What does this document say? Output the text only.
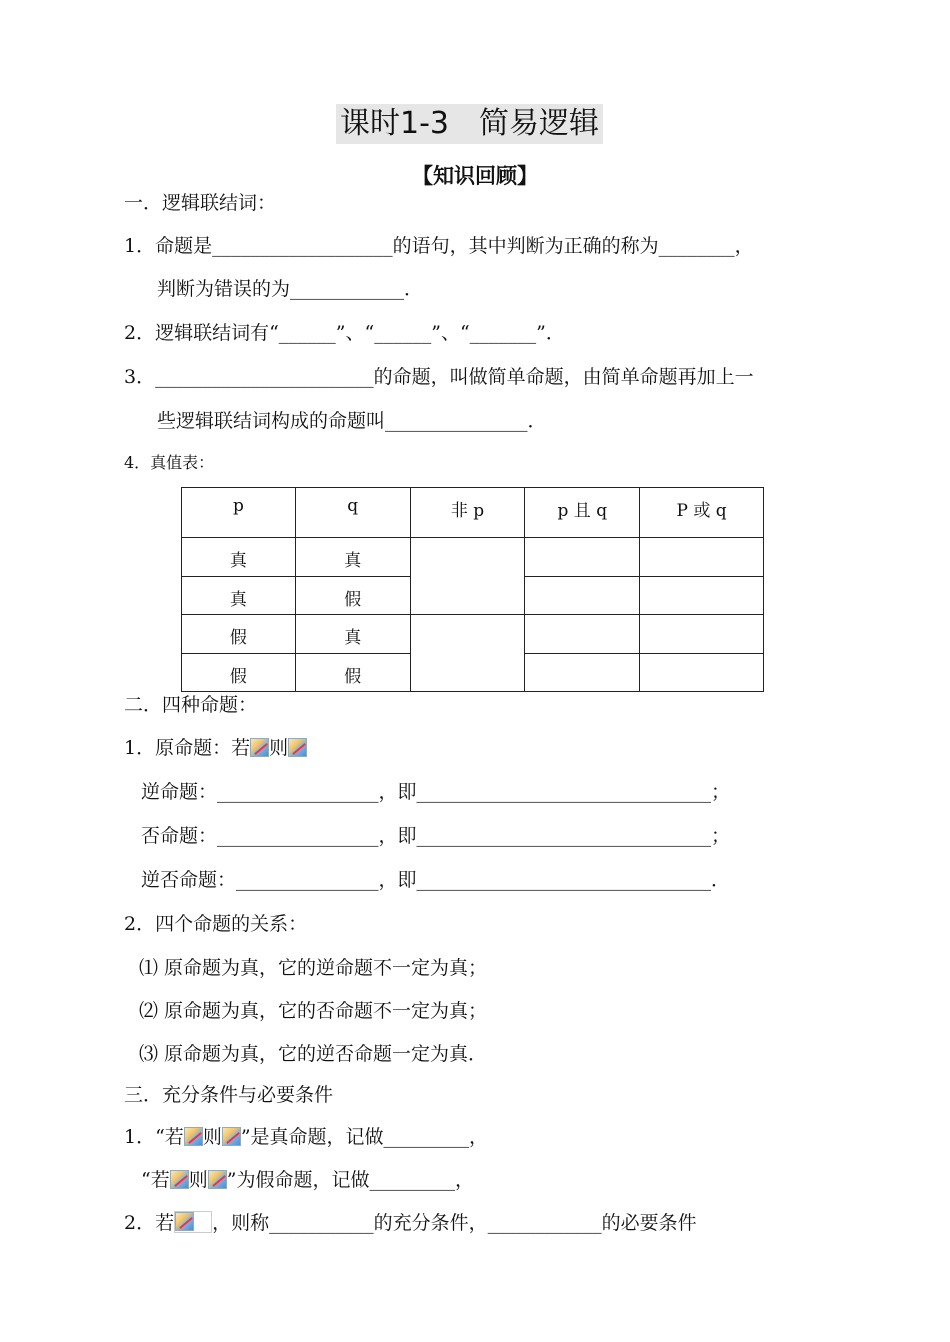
课时1-3　简易逻辑
【知识回顾】
一．逻辑联结词：
1．命题是___________________的语句，其中判断为正确的称为________，
判断为错误的为____________．
2．逻辑联结词有“______”、“______”、“_______”．
3．_______________________的命题，叫做简单命题，由简单命题再加上一
些逻辑联结词构成的命题叫_______________．
4．真值表：
p	q	非 p	p 且 q	P 或 q
真	真			
真	假			
假	真			
假	假			
二．四种命题：
1．原命题：若 则
逆命题：_________________，即_______________________________；
否命题：_________________，即_______________________________；
逆否命题：_______________，即_______________________________．
2．四个命题的关系：
⑴ 原命题为真，它的逆命题不一定为真；
⑵ 原命题为真，它的否命题不一定为真；
⑶ 原命题为真，它的逆否命题一定为真．
三．充分条件与必要条件
1．“若 则 ”是真命题，记做_________，
“若 则 ”为假命题，记做_________，
2．若 ，则称___________的充分条件，____________的必要条件
